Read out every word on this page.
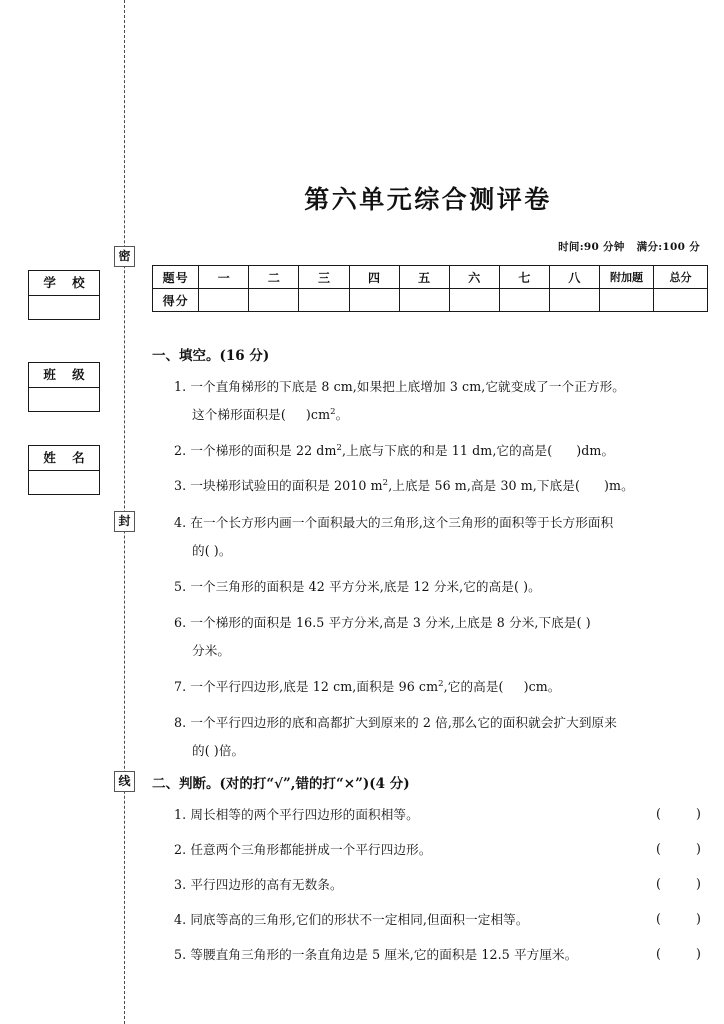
密
封
线
学 校
班 级
姓 名
第六单元综合测评卷
时间:90 分钟 满分:100 分
题号	一	二	三	四	五	六	七	八	附加题	总分
得分										
一、填空。(16 分)
1. 一个直角梯形的下底是 8 cm,如果把上底增加 3 cm,它就变成了一个正方形。
这个梯形面积是( )$cm^2$。
2. 一个梯形的面积是 22 $dm^2$,上底与下底的和是 11 dm,它的高是( )dm。
3. 一块梯形试验田的面积是 2010 $m^2$,上底是 56 m,高是 30 m,下底是( )m。
4. 在一个长方形内画一个面积最大的三角形,这个三角形的面积等于长方形面积
的( )。
5. 一个三角形的面积是 42 平方分米,底是 12 分米,它的高是( )。
6. 一个梯形的面积是 16.5 平方分米,高是 3 分米,上底是 8 分米,下底是( )
分米。
7. 一个平行四边形,底是 12 cm,面积是 96 $cm^2$,它的高是( )cm。
8. 一个平行四边形的底和高都扩大到原来的 2 倍,那么它的面积就会扩大到原来
的( )倍。
二、判断。(对的打“√”,错的打“×”)(4 分)
1. 周长相等的两个平行四边形的面积相等。	(	)
2. 任意两个三角形都能拼成一个平行四边形。	(	)
3. 平行四边形的高有无数条。	(	)
4. 同底等高的三角形,它们的形状不一定相同,但面积一定相等。	(	)
5. 等腰直角三角形的一条直角边是 5 厘米,它的面积是 12.5 平方厘米。	(	)
